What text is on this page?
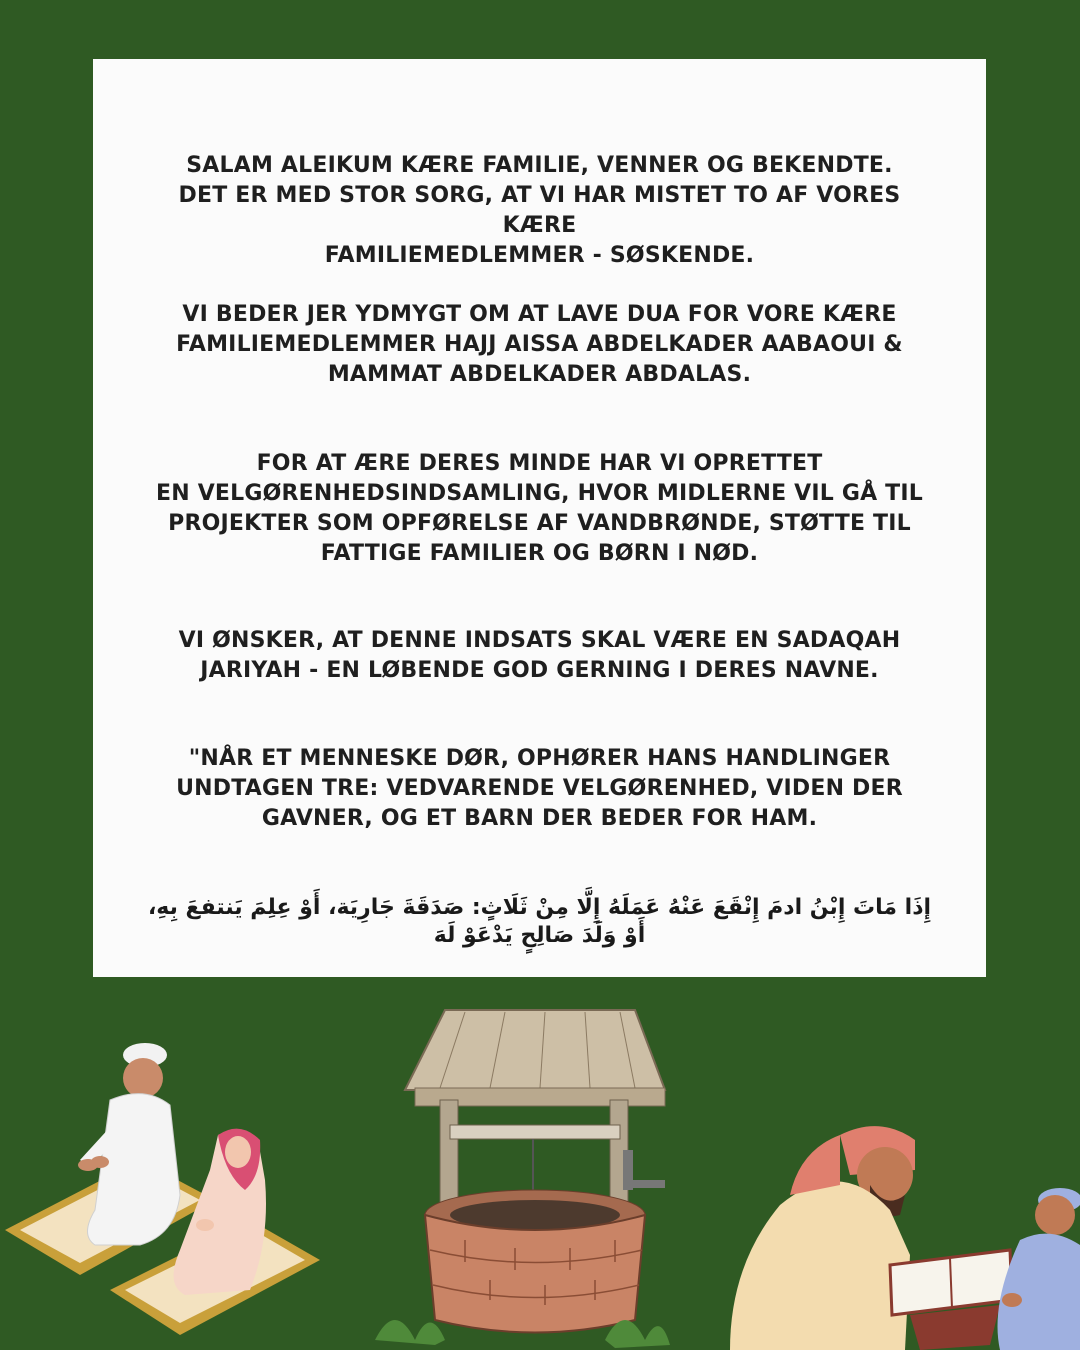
SALAM ALEIKUM KÆRE FAMILIE, VENNER OG BEKENDTE.
DET ER MED STOR SORG, AT VI HAR MISTET TO AF VORES KÆRE
FAMILIEMEDLEMMER - SØSKENDE.
VI BEDER JER YDMYGT OM AT LAVE DUA FOR VORE KÆRE
FAMILIEMEDLEMMER HAJJ AISSA ABDELKADER AABAOUI &
MAMMAT ABDELKADER ABDALAS.
FOR AT ÆRE DERES MINDE HAR VI OPRETTET
EN VELGØRENHEDSINDSAMLING, HVOR MIDLERNE VIL GÅ TIL
PROJEKTER SOM OPFØRELSE AF VANDBRØNDE, STØTTE TIL
FATTIGE FAMILIER OG BØRN I NØD.
VI ØNSKER, AT DENNE INDSATS SKAL VÆRE EN SADAQAH
JARIYAH - EN LØBENDE GOD GERNING I DERES NAVNE.
"NÅR ET MENNESKE DØR, OPHØRER HANS HANDLINGER
UNDTAGEN TRE: VEDVARENDE VELGØRENHED, VIDEN DER
GAVNER, OG ET BARN DER BEDER FOR HAM.
إِذَا مَاتَ إِبْنُ ادمَ إِنْقَعَ عَنْهُ عَمَلَهُ إِلَّا مِنْ ثَلَاثٍ: صَدَقَةَ جَارِيَة، أَوْ عِلِمَ يَنتفعَ بِهِ،
أَوْ وَلَدَ صَالِحٍ يَدْعَوْ لَهَ
